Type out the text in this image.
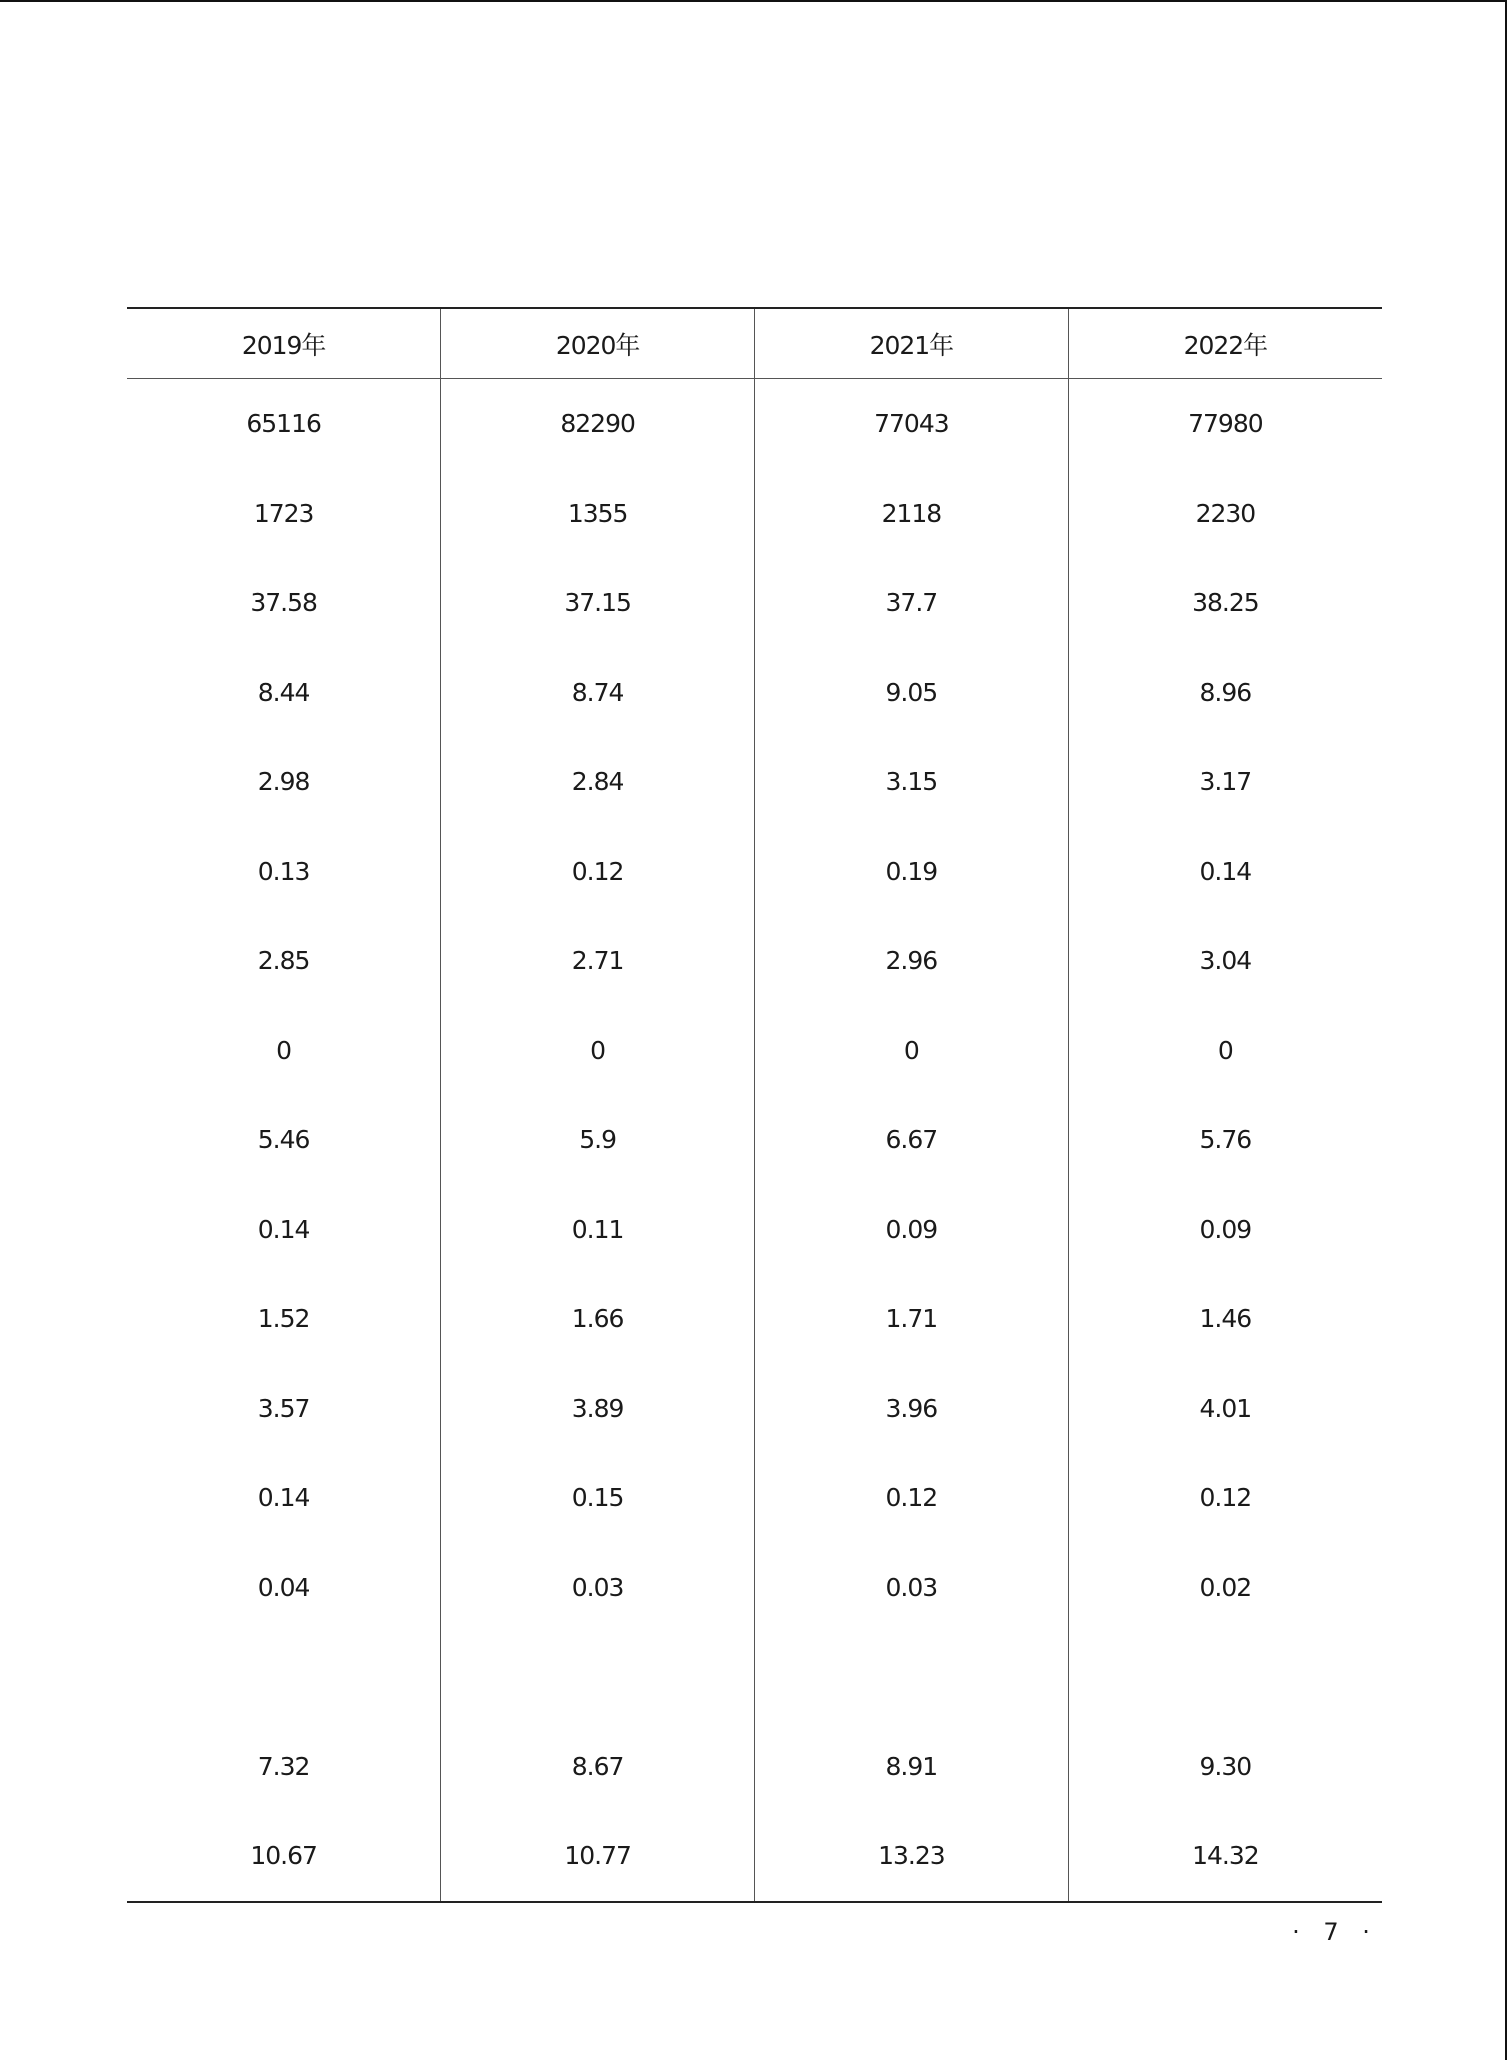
2019年	2020年	2021年	2022年
65116	82290	77043	77980
1723	1355	2118	2230
37.58	37.15	37.7	38.25
8.44	8.74	9.05	8.96
2.98	2.84	3.15	3.17
0.13	0.12	0.19	0.14
2.85	2.71	2.96	3.04
0	0	0	0
5.46	5.9	6.67	5.76
0.14	0.11	0.09	0.09
1.52	1.66	1.71	1.46
3.57	3.89	3.96	4.01
0.14	0.15	0.12	0.12
0.04	0.03	0.03	0.02

7.32	8.67	8.91	9.30
10.67	10.77	13.23	14.32
· 7 ·
